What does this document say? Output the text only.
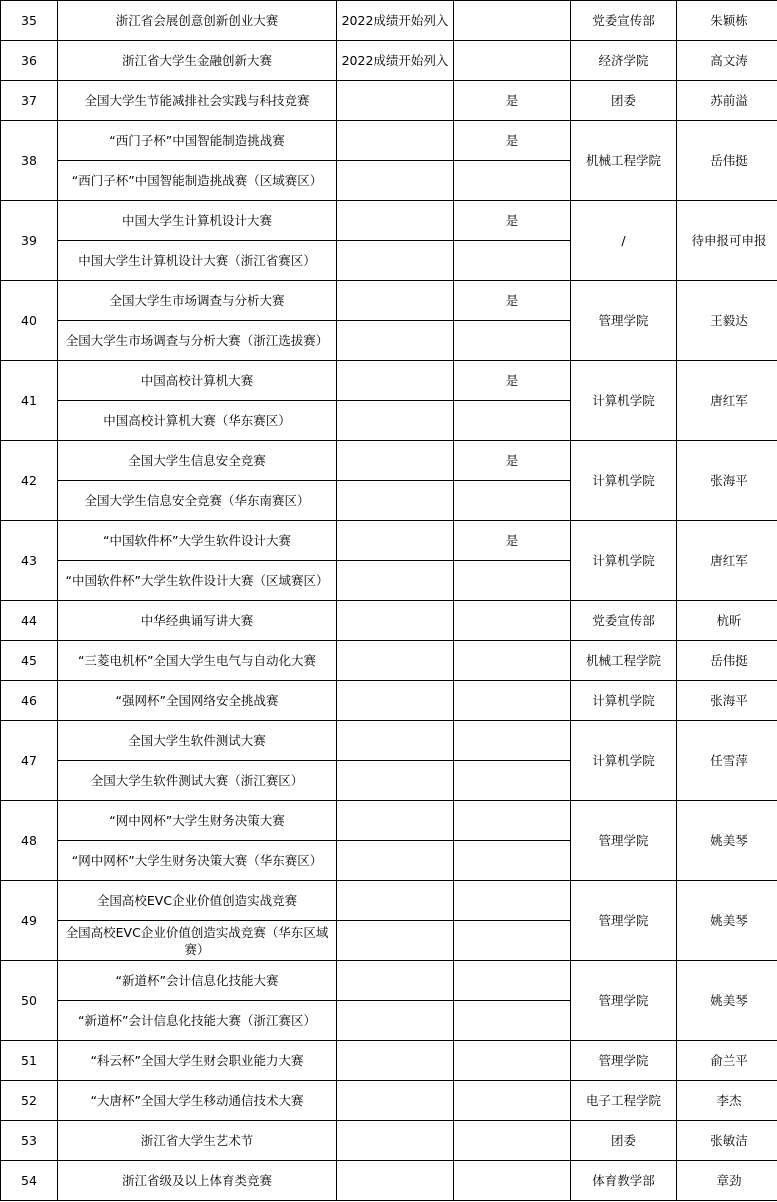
35	浙江省会展创意创新创业大赛	2022成绩开始列入		党委宣传部	朱颖栋
36	浙江省大学生金融创新大赛	2022成绩开始列入		经济学院	高文涛
37	全国大学生节能减排社会实践与科技竞赛		是	团委	苏前溢
38	“西门子杯”中国智能制造挑战赛		是	机械工程学院	岳伟挺
	“西门子杯”中国智能制造挑战赛（区域赛区）				
39	中国大学生计算机设计大赛		是	/	待申报可申报
	中国大学生计算机设计大赛（浙江省赛区）				
40	全国大学生市场调查与分析大赛		是	管理学院	王毅达
	全国大学生市场调查与分析大赛（浙江选拔赛）				
41	中国高校计算机大赛		是	计算机学院	唐红军
	中国高校计算机大赛（华东赛区）				
42	全国大学生信息安全竞赛		是	计算机学院	张海平
	全国大学生信息安全竞赛（华东南赛区）				
43	“中国软件杯”大学生软件设计大赛		是	计算机学院	唐红军
	“中国软件杯”大学生软件设计大赛（区域赛区）				
44	中华经典诵写讲大赛			党委宣传部	杭昕
45	“三菱电机杯”全国大学生电气与自动化大赛			机械工程学院	岳伟挺
46	“强网杯”全国网络安全挑战赛			计算机学院	张海平
47	全国大学生软件测试大赛			计算机学院	任雪萍
	全国大学生软件测试大赛（浙江赛区）				
48	“网中网杯”大学生财务决策大赛			管理学院	姚美琴
	“网中网杯”大学生财务决策大赛（华东赛区）				
49	全国高校EVC企业价值创造实战竞赛			管理学院	姚美琴
	全国高校EVC企业价值创造实战竞赛（华东区域赛）				
50	“新道杯”会计信息化技能大赛			管理学院	姚美琴
	“新道杯”会计信息化技能大赛（浙江赛区）				
51	“科云杯”全国大学生财会职业能力大赛			管理学院	俞兰平
52	“大唐杯”全国大学生移动通信技术大赛			电子工程学院	李杰
53	浙江省大学生艺术节			团委	张敏洁
54	浙江省级及以上体育类竞赛			体育教学部	章劲
